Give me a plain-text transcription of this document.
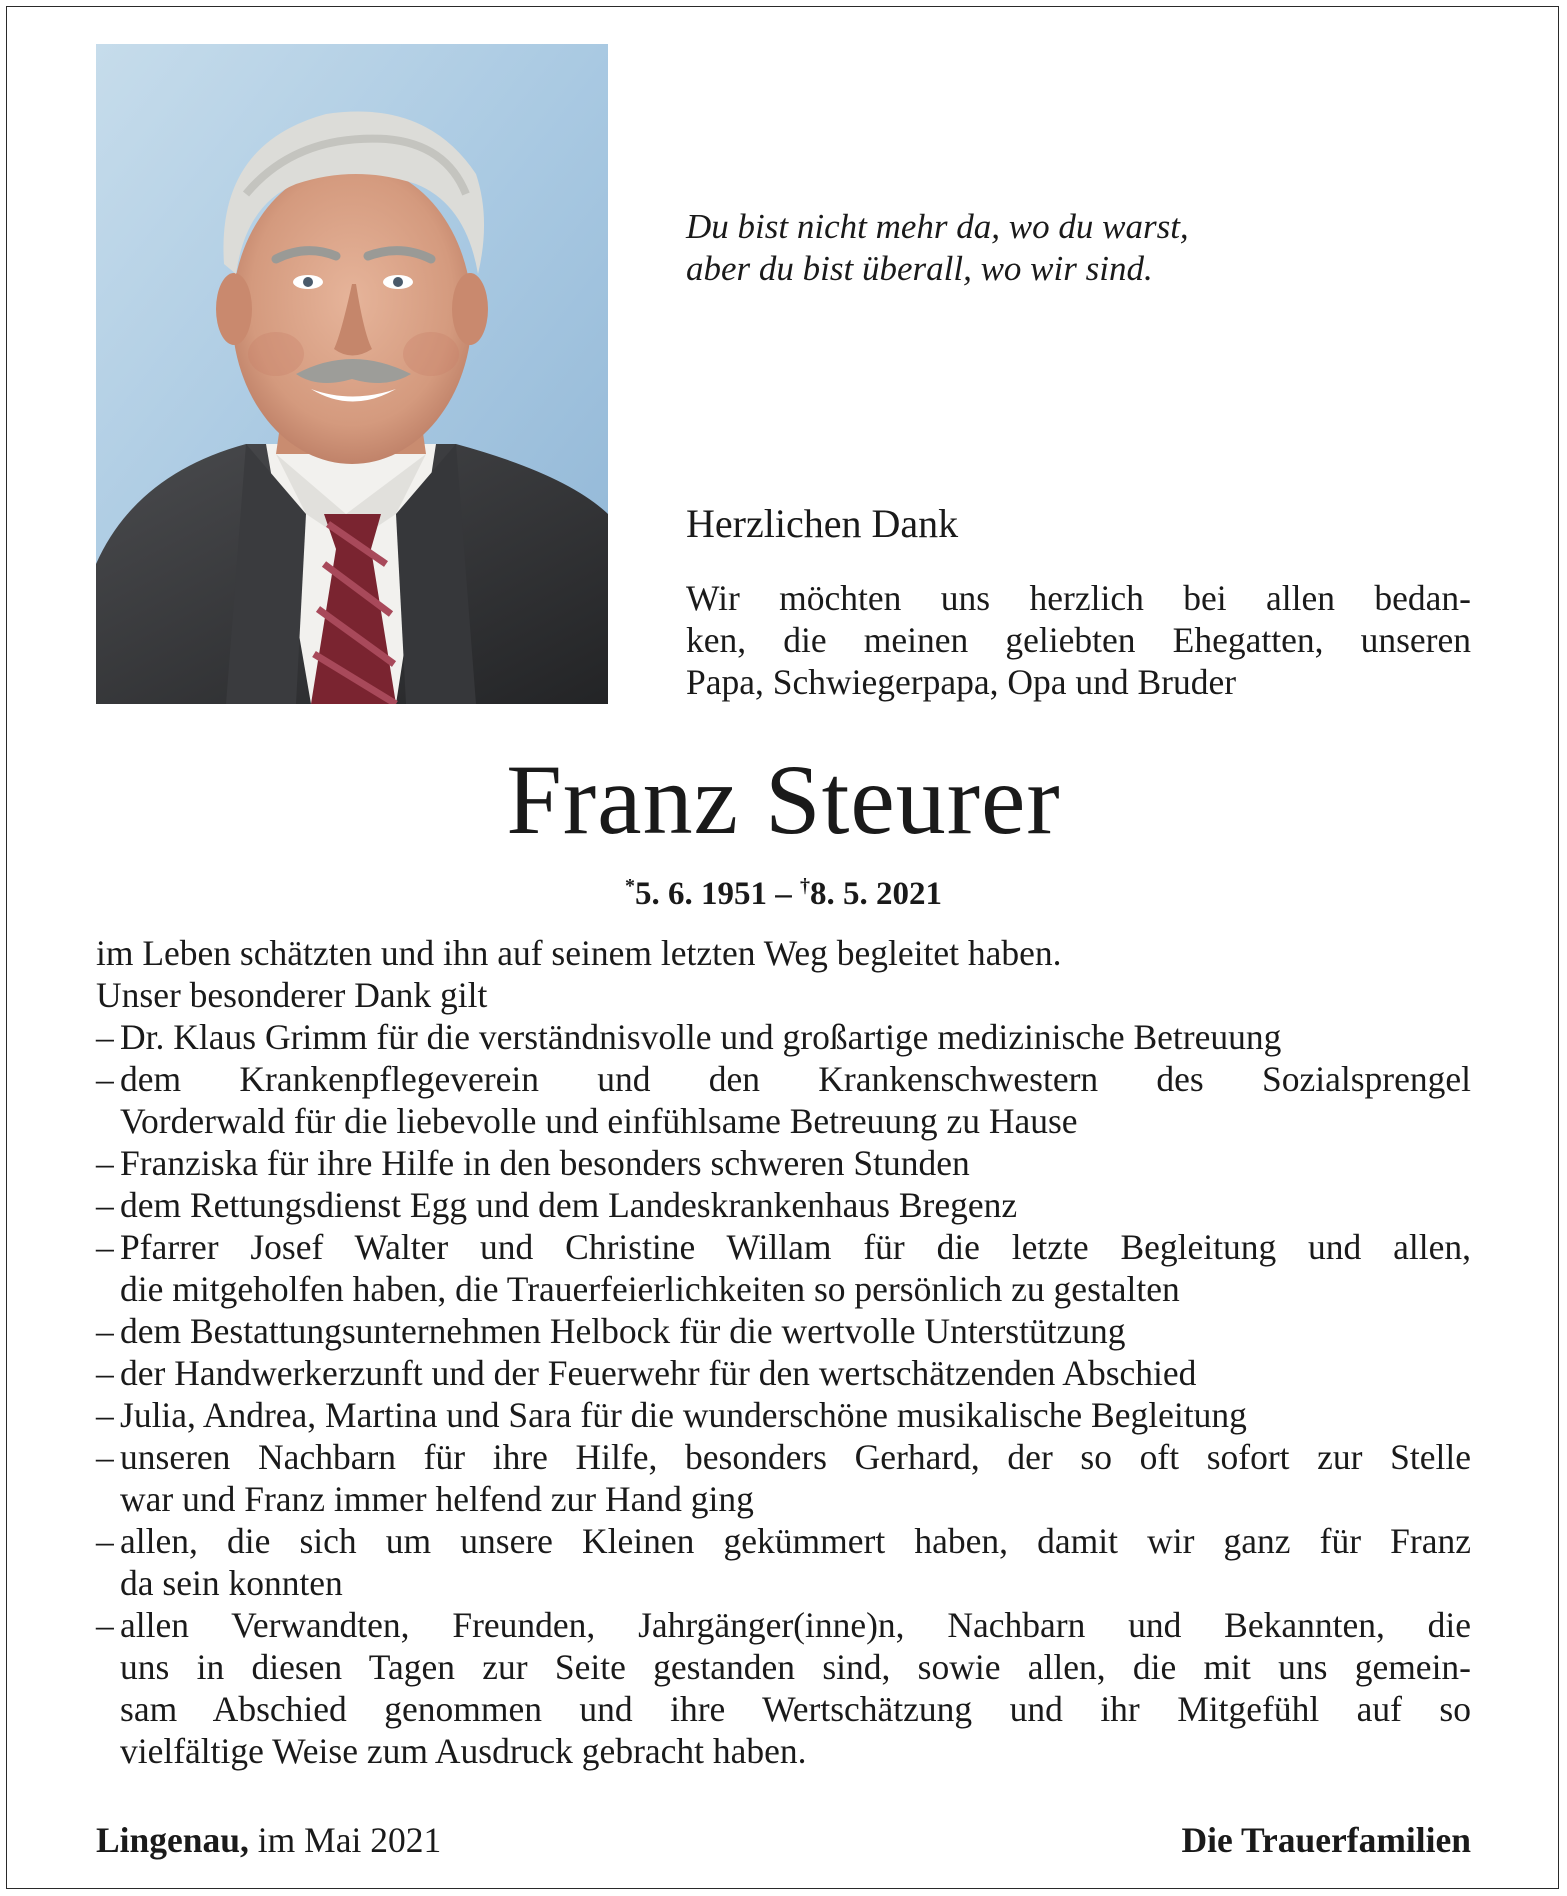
Du bist nicht mehr da, wo du warst,
aber du bist überall, wo wir sind.
Herzlichen Dank
Wir möchten uns herzlich bei allen bedan-
ken, die meinen geliebten Ehegatten, unseren
Papa, Schwiegerpapa, Opa und Bruder
Franz Steurer
*5. 6. 1951 – †8. 5. 2021
im Leben schätzten und ihn auf seinem letzten Weg begleitet haben.
Unser besonderer Dank gilt
– Dr. Klaus Grimm für die verständnisvolle und großartige medizinische Betreuung
– dem Krankenpflegeverein und den Krankenschwestern des Sozialsprengel
Vorderwald für die liebevolle und einfühlsame Betreuung zu Hause
– Franziska für ihre Hilfe in den besonders schweren Stunden
– dem Rettungsdienst Egg und dem Landeskrankenhaus Bregenz
– Pfarrer Josef Walter und Christine Willam für die letzte Begleitung und allen,
die mitgeholfen haben, die Trauerfeierlichkeiten so persönlich zu gestalten
– dem Bestattungsunternehmen Helbock für die wertvolle Unterstützung
– der Handwerkerzunft und der Feuerwehr für den wertschätzenden Abschied
– Julia, Andrea, Martina und Sara für die wunderschöne musikalische Begleitung
– unseren Nachbarn für ihre Hilfe, besonders Gerhard, der so oft sofort zur Stelle
war und Franz immer helfend zur Hand ging
– allen, die sich um unsere Kleinen gekümmert haben, damit wir ganz für Franz
da sein konnten
– allen Verwandten, Freunden, Jahrgänger(inne)n, Nachbarn und Bekannten, die
uns in diesen Tagen zur Seite gestanden sind, sowie allen, die mit uns gemein-
sam Abschied genommen und ihre Wertschätzung und ihr Mitgefühl auf so
vielfältige Weise zum Ausdruck gebracht haben.
Lingenau, im Mai 2021	Die Trauerfamilien
